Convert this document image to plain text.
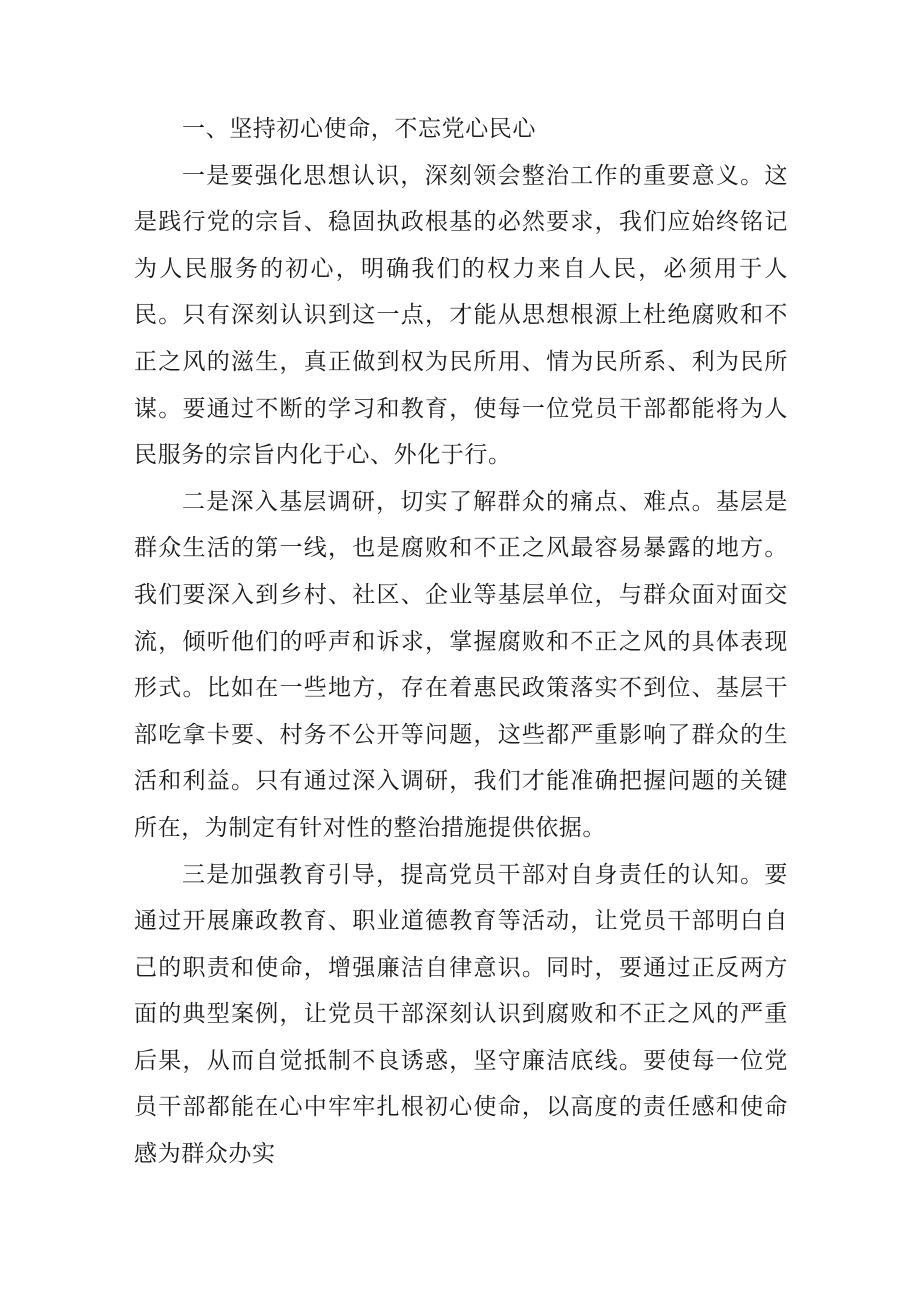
一、坚持初心使命，不忘党心民心

一是要强化思想认识，深刻领会整治工作的重要意义。这是践行党的宗旨、稳固执政根基的必然要求，我们应始终铭记为人民服务的初心，明确我们的权力来自人民，必须用于人民。只有深刻认识到这一点，才能从思想根源上杜绝腐败和不正之风的滋生，真正做到权为民所用、情为民所系、利为民所谋。要通过不断的学习和教育，使每一位党员干部都能将为人民服务的宗旨内化于心、外化于行。

二是深入基层调研，切实了解群众的痛点、难点。基层是群众生活的第一线，也是腐败和不正之风最容易暴露的地方。我们要深入到乡村、社区、企业等基层单位，与群众面对面交流，倾听他们的呼声和诉求，掌握腐败和不正之风的具体表现形式。比如在一些地方，存在着惠民政策落实不到位、基层干部吃拿卡要、村务不公开等问题，这些都严重影响了群众的生活和利益。只有通过深入调研，我们才能准确把握问题的关键所在，为制定有针对性的整治措施提供依据。

三是加强教育引导，提高党员干部对自身责任的认知。要通过开展廉政教育、职业道德教育等活动，让党员干部明白自己的职责和使命，增强廉洁自律意识。同时，要通过正反两方面的典型案例，让党员干部深刻认识到腐败和不正之风的严重后果，从而自觉抵制不良诱惑，坚守廉洁底线。要使每一位党员干部都能在心中牢牢扎根初心使命，以高度的责任感和使命感为群众办实
